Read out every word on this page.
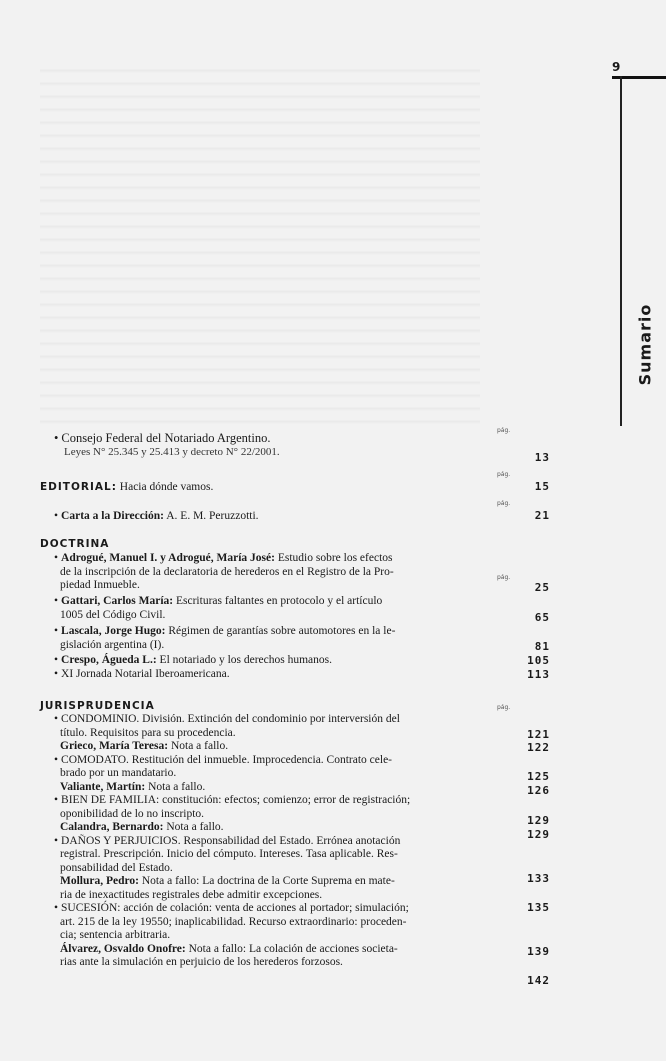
9
Sumario
• Consejo Federal del Notariado Argentino.
Leyes N° 25.345 y 25.413 y decreto N° 22/2001.
EDITORIAL: Hacia dónde vamos.
• Carta a la Dirección: A. E. M. Peruzzotti.
DOCTRINA
• Adrogué, Manuel I. y Adrogué, María José: Estudio sobre los efectos
de la inscripción de la declaratoria de herederos en el Registro de la Pro-
piedad Inmueble.
• Gattari, Carlos María: Escrituras faltantes en protocolo y el artículo
1005 del Código Civil.
• Lascala, Jorge Hugo: Régimen de garantías sobre automotores en la le-
gislación argentina (I).
• Crespo, Águeda L.: El notariado y los derechos humanos.
• XI Jornada Notarial Iberoamericana.
JURISPRUDENCIA
• CONDOMINIO. División. Extinción del condominio por interversión del
título. Requisitos para su procedencia.
Grieco, María Teresa: Nota a fallo.
• COMODATO. Restitución del inmueble. Improcedencia. Contrato cele-
brado por un mandatario.
Valiante, Martín: Nota a fallo.
• BIEN DE FAMILIA: constitución: efectos; comienzo; error de registración;
oponibilidad de lo no inscripto.
Calandra, Bernardo: Nota a fallo.
• DAÑOS Y PERJUICIOS. Responsabilidad del Estado. Errónea anotación
registral. Prescripción. Inicio del cómputo. Intereses. Tasa aplicable. Res-
ponsabilidad del Estado.
Mollura, Pedro: Nota a fallo: La doctrina de la Corte Suprema en mate-
ria de inexactitudes registrales debe admitir excepciones.
• SUCESIÓN: acción de colación: venta de acciones al portador; simulación;
art. 215 de la ley 19550; inaplicabilidad. Recurso extraordinario: proceden-
cia; sentencia arbitraria.
Álvarez, Osvaldo Onofre: Nota a fallo: La colación de acciones societa-
rias ante la simulación en perjuicio de los herederos forzosos.
pág.
13
pág.
15
pág.
21
pág.
25
65
81
105
113
pág.
121
122
125
126
129
129
133
135
139
142
